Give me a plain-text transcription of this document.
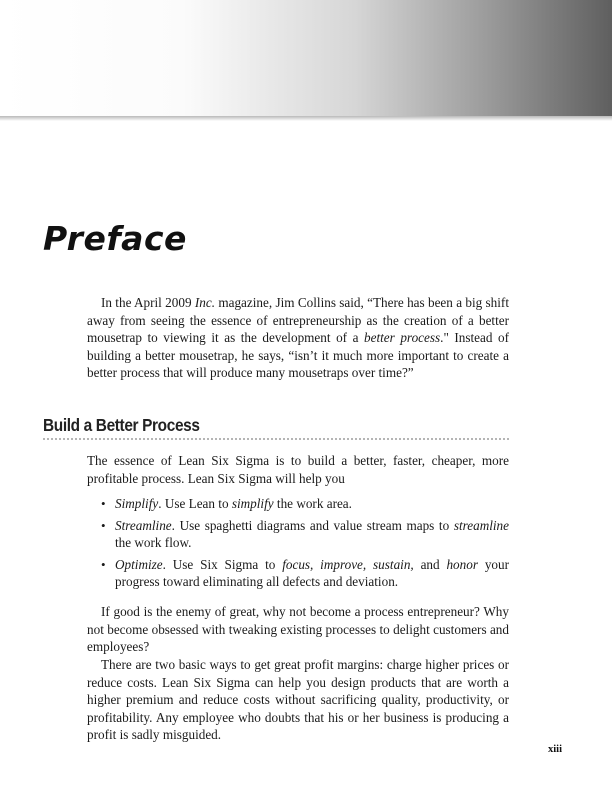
Preface

In the April 2009 Inc. magazine, Jim Collins said, “There has been a big shift away from seeing the essence of entrepreneurship as the creation of a better mousetrap to viewing it as the development of a better process." Instead of building a better mousetrap, he says, “isn’t it much more important to create a better process that will produce many mousetraps over time?”

Build a Better Process

The essence of Lean Six Sigma is to build a better, faster, cheaper, more profitable process. Lean Six Sigma will help you

• Simplify. Use Lean to simplify the work area.
• Streamline. Use spaghetti diagrams and value stream maps to streamline the work flow.
• Optimize. Use Six Sigma to focus, improve, sustain, and honor your progress toward eliminating all defects and deviation.

If good is the enemy of great, why not become a process entrepreneur? Why not become obsessed with tweaking existing processes to delight customers and employees?

There are two basic ways to get great profit margins: charge higher prices or reduce costs. Lean Six Sigma can help you design products that are worth a higher premium and reduce costs without sacrificing quality, productivity, or profitability. Any employee who doubts that his or her business is producing a profit is sadly misguided.

xiii
